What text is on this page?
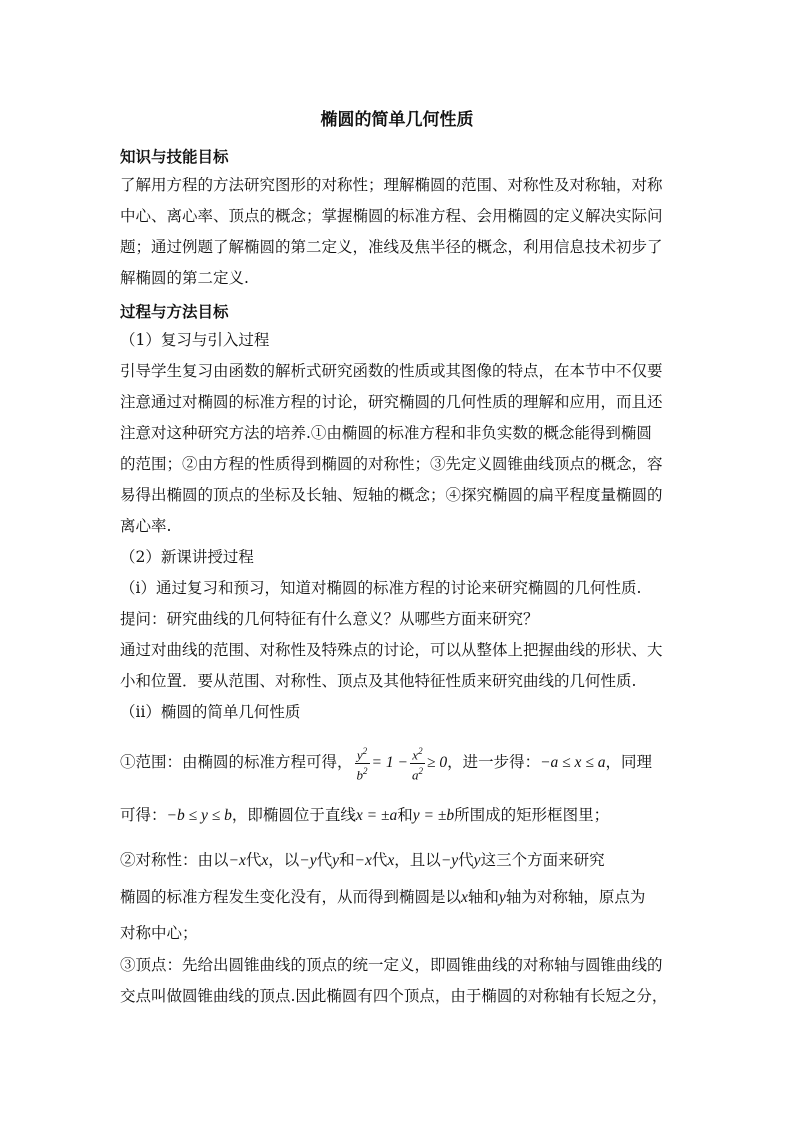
椭圆的简单几何性质
知识与技能目标
了解用方程的方法研究图形的对称性；理解椭圆的范围、对称性及对称轴，对称
中心、离心率、顶点的概念；掌握椭圆的标准方程、会用椭圆的定义解决实际问
题；通过例题了解椭圆的第二定义，准线及焦半径的概念，利用信息技术初步了
解椭圆的第二定义.
过程与方法目标
（1）复习与引入过程
引导学生复习由函数的解析式研究函数的性质或其图像的特点，在本节中不仅要
注意通过对椭圆的标准方程的讨论，研究椭圆的几何性质的理解和应用，而且还
注意对这种研究方法的培养.①由椭圆的标准方程和非负实数的概念能得到椭圆
的范围；②由方程的性质得到椭圆的对称性；③先定义圆锥曲线顶点的概念，容
易得出椭圆的顶点的坐标及长轴、短轴的概念；④探究椭圆的扁平程度量椭圆的
离心率.
（2）新课讲授过程
（i）通过复习和预习，知道对椭圆的标准方程的讨论来研究椭圆的几何性质.
提问：研究曲线的几何特征有什么意义？从哪些方面来研究？
通过对曲线的范围、对称性及特殊点的讨论，可以从整体上把握曲线的形状、大
小和位置．要从范围、对称性、顶点及其他特征性质来研究曲线的几何性质.
（ii）椭圆的简单几何性质
①范围：由椭圆的标准方程可得， $\frac{y^2}{b^2} = 1 - \frac{x^2}{a^2} \ge 0$，进一步得：−a ≤ x ≤ a，同理
可得：−b ≤ y ≤ b，即椭圆位于直线x = ±a和y = ±b所围成的矩形框图里；
②对称性：由以−x代x，以−y代y和−x代x，且以−y代y这三个方面来研究
椭圆的标准方程发生变化没有，从而得到椭圆是以x轴和y轴为对称轴，原点为
对称中心；
③顶点：先给出圆锥曲线的顶点的统一定义，即圆锥曲线的对称轴与圆锥曲线的
交点叫做圆锥曲线的顶点.因此椭圆有四个顶点，由于椭圆的对称轴有长短之分，
